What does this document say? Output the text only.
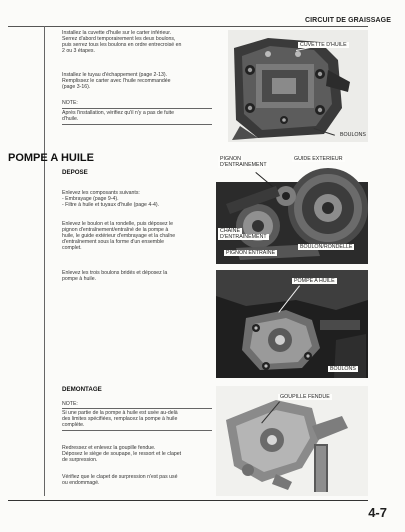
CIRCUIT DE GRAISSAGE
Installez la cuvette d'huile sur le carter inférieur.
Serrez d'abord temporairement les deux boulons,
puis serrez tous les boulons en ordre entrecroisé en
2 ou 3 étapes.
Installez le tuyau d'échappement (page 2-13).
Remplissez le carter avec l'huile recommandée
(page 3-16).
NOTE:
Après l'installation, vérifiez qu'il n'y a pas de fuite
d'huile.
CUVETTE D'HUILE
BOULONS
POMPE A HUILE
DEPOSE
Enlevez les composants suivants:
- Embrayage (page 9-4).
- Filtre à huile et tuyaux d'huile (page 4-4).
Enlevez le boulon et la rondelle, puis déposez le
pignon d'entraînement/entraîné de la pompe à
huile, le guide extérieur d'embrayage et la chaîne
d'entraînement sous la forme d'un ensemble
complet.
Enlevez les trois boulons bridés et déposez la
pompe à huile.
PIGNON
D'ENTRAINEMENT
GUIDE EXTERIEUR
CHAINE
D'ENTRAINEMENT
BOULON/RONDELLE
PIGNON ENTRAINE
POMPE A HUILE
BOULONS
DEMONTAGE
NOTE:
Si une partie de la pompe à huile est usée au-delà
des limites spécifiées, remplacez la pompe à huile
complète.
Redressez et enlevez la goupille fendue.
Déposez le siège de soupape, le ressort et le clapet
de surpression.
Vérifiez que le clapet de surpression n'est pas usé
ou endommagé.
GOUPILLE FENDUE
4-7
